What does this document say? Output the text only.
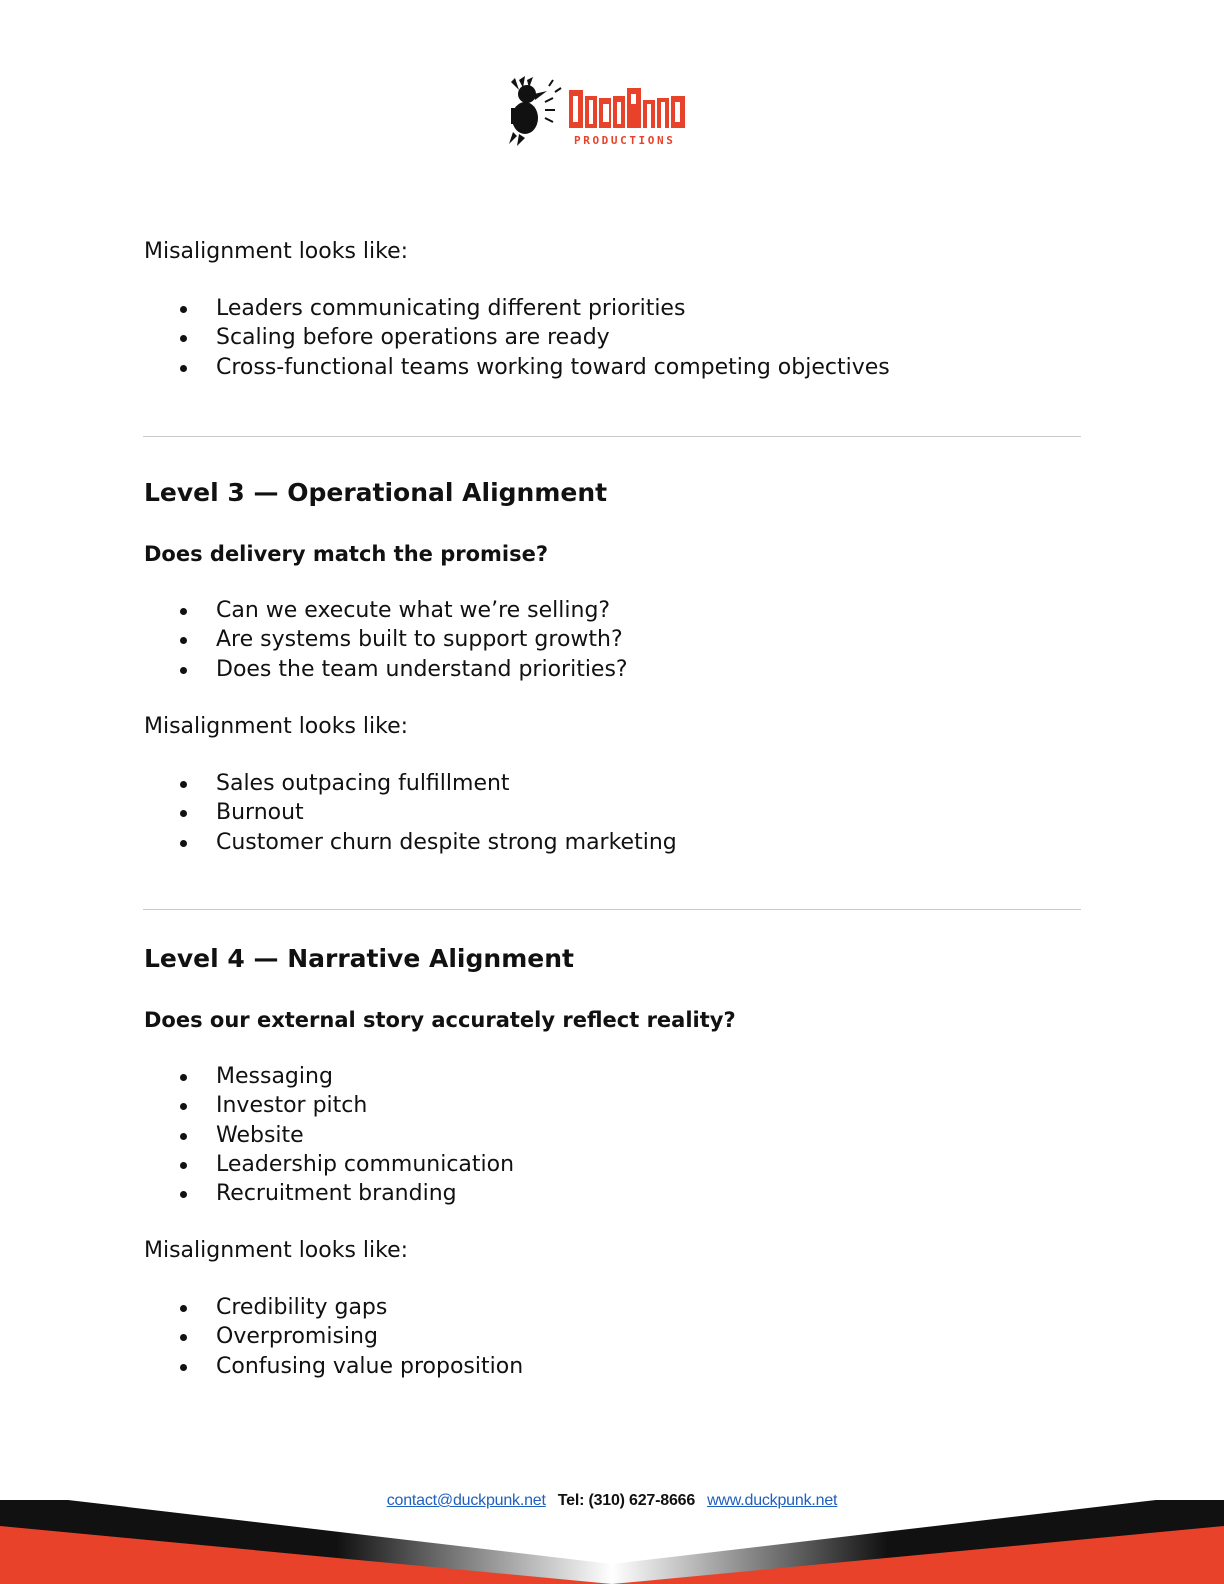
PRODUCTIONS

Misalignment looks like:

Leaders communicating different priorities
Scaling before operations are ready
Cross-functional teams working toward competing objectives
Level 3 — Operational Alignment

Does delivery match the promise?

Can we execute what we’re selling?
Are systems built to support growth?
Does the team understand priorities?

Misalignment looks like:

Sales outpacing fulfillment
Burnout
Customer churn despite strong marketing
Level 4 — Narrative Alignment

Does our external story accurately reflect reality?

Messaging
Investor pitch
Website
Leadership communication
Recruitment branding

Misalignment looks like:

Credibility gaps
Overpromising
Confusing value proposition
contact@duckpunk.net Tel: (310) 627-8666 www.duckpunk.net
